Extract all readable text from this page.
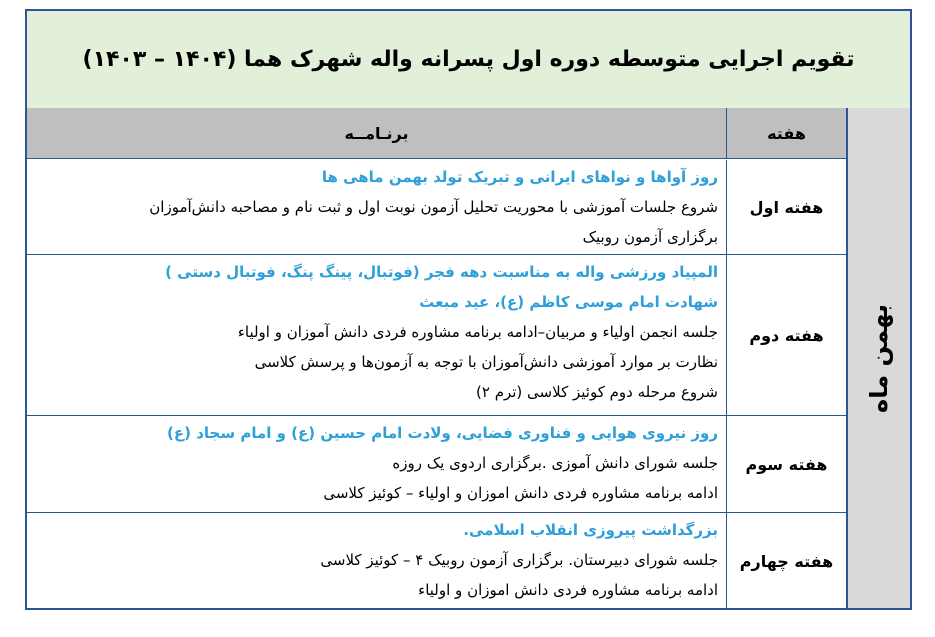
تقویم اجرایی متوسطه دوره اول پسرانه واله شهرک هما (۱۴۰۴ – ۱۴۰۳)
بهمن ماه
هفته
برنـامــه
هفته اول
روز آواها و نواهای ایرانی و تبریک تولد بهمن ماهی ها
شروع جلسات آموزشی با محوریت تحلیل آزمون نوبت اول و ثبت نام و مصاحبه دانش‌آموزان
برگزاری آزمون روبیک
هفته دوم
المپیاد ورزشی واله به مناسبت دهه فجر (فوتبال، پینگ پنگ، فوتبال دستی )
شهادت امام موسی کاظم (ع)، عید مبعث
جلسه انجمن اولیاء و مربیان–ادامه برنامه مشاوره فردی دانش آموزان و اولیاء
نظارت بر موارد آموزشی دانش‌آموزان با توجه به آزمون‌ها و پرسش کلاسی
شروع مرحله دوم کوئیز کلاسی (ترم ۲)
هفته سوم
روز نیروی هوایی و فناوری فضایی، ولادت امام حسین (ع) و امام سجاد (ع)
جلسه شورای دانش آموزی .برگزاری اردوی یک روزه
ادامه برنامه مشاوره فردی دانش اموزان و اولیاء – کوئیز کلاسی
هفته چهارم
بزرگداشت پیروزی انقلاب اسلامی.
جلسه شورای دبیرستان. برگزاری آزمون روبیک ۴ – کوئیز کلاسی
ادامه برنامه مشاوره فردی دانش اموزان و اولیاء
